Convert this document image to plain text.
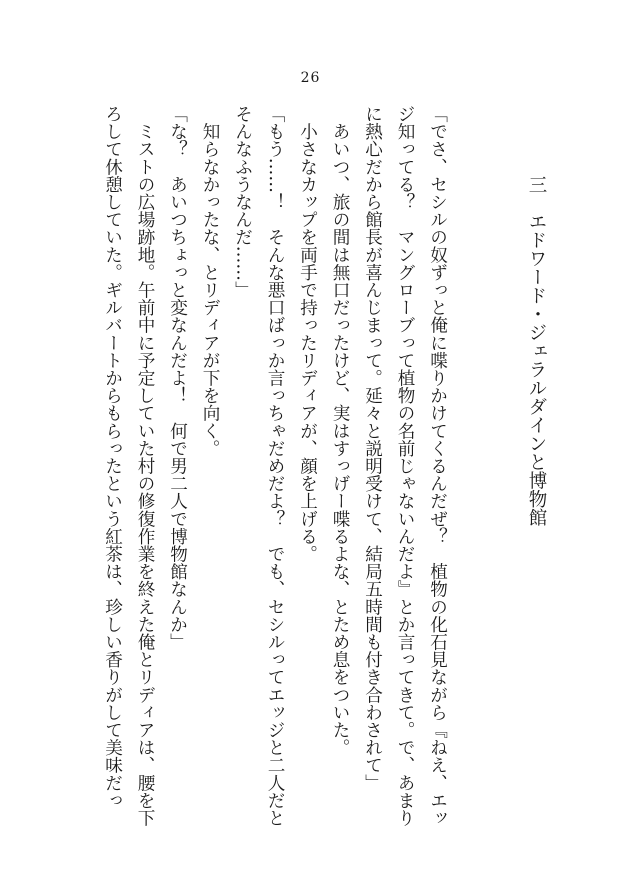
26
三　エドワード・ジェラルダインと博物館

「でさ、セシルの奴ずっと俺に喋りかけてくるんだぜ？　植物の化石見ながら『ねえ、エッ

ジ知ってる？　マングローブって植物の名前じゃないんだよ』とか言ってきて。で、あまり

に熱心だから館長が喜んじまって。延々と説明受けて、結局五時間も付き合わされて」

　あいつ、旅の間は無口だったけど、実はすっげー喋るよな、とため息をついた。

　小さなカップを両手で持ったリディアが、顔を上げる。

「もう……！　そんな悪口ばっか言っちゃだめだよ？　でも、セシルってエッジと二人だと

そんなふうなんだ……」

　知らなかったな、とリディアが下を向く。

「な？　あいつちょっと変なんだよ！　何で男二人で博物館なんか」

　ミストの広場跡地。午前中に予定していた村の修復作業を終えた俺とリディアは、腰を下

ろして休憩していた。ギルバートからもらったという紅茶は、珍しい香りがして美味だっ
